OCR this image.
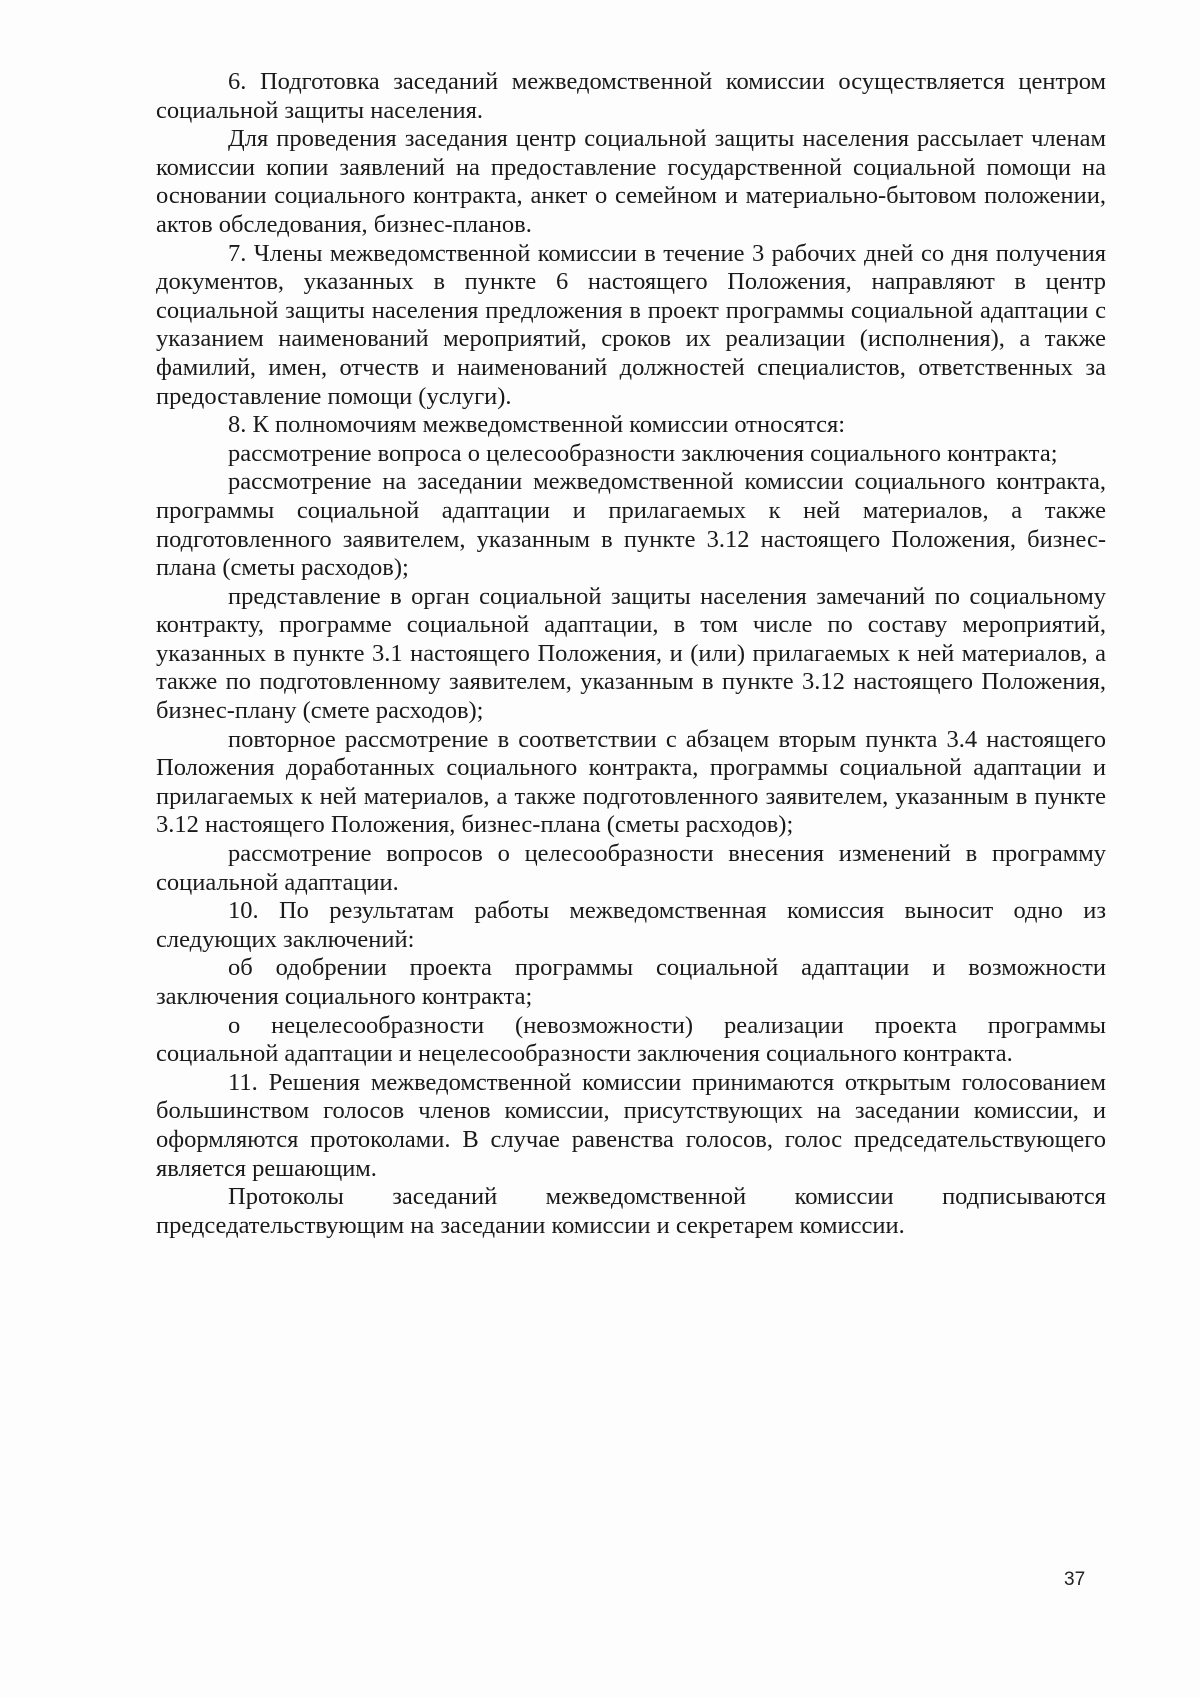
6. Подготовка заседаний межведомственной комиссии осуществляется центром социальной защиты населения.

Для проведения заседания центр социальной защиты населения рассылает членам комиссии копии заявлений на предоставление государственной социальной помощи на основании социального контракта, анкет о семейном и материально-бытовом положении, актов обследования, бизнес-планов.

7. Члены межведомственной комиссии в течение 3 рабочих дней со дня получения документов, указанных в пункте 6 настоящего Положения, направляют в центр социальной защиты населения предложения в проект программы социальной адаптации с указанием наименований мероприятий, сроков их реализации (исполнения), а также фамилий, имен, отчеств и наименований должностей специалистов, ответственных за предоставление помощи (услуги).

8. К полномочиям межведомственной комиссии относятся:

рассмотрение вопроса о целесообразности заключения социального контракта;

рассмотрение на заседании межведомственной комиссии социального контракта, программы социальной адаптации и прилагаемых к ней материалов, а также подготовленного заявителем, указанным в пункте 3.12 настоящего Положения, бизнес-плана (сметы расходов);

представление в орган социальной защиты населения замечаний по социальному контракту, программе социальной адаптации, в том числе по составу мероприятий, указанных в пункте 3.1 настоящего Положения, и (или) прилагаемых к ней материалов, а также по подготовленному заявителем, указанным в пункте 3.12 настоящего Положения, бизнес-плану (смете расходов);

повторное рассмотрение в соответствии с абзацем вторым пункта 3.4 настоящего Положения доработанных социального контракта, программы социальной адаптации и прилагаемых к ней материалов, а также подготовленного заявителем, указанным в пункте 3.12 настоящего Положения, бизнес-плана (сметы расходов);

рассмотрение вопросов о целесообразности внесения изменений в программу социальной адаптации.

10. По результатам работы межведомственная комиссия выносит одно из следующих заключений:

об одобрении проекта программы социальной адаптации и возможности заключения социального контракта;

о нецелесообразности (невозможности) реализации проекта программы социальной адаптации и нецелесообразности заключения социального контракта.

11. Решения межведомственной комиссии принимаются открытым голосованием большинством голосов членов комиссии, присутствующих на заседании комиссии, и оформляются протоколами. В случае равенства голосов, голос председательствующего является решающим.

Протоколы заседаний межведомственной комиссии подписываются председательствующим на заседании комиссии и секретарем комиссии.

37
